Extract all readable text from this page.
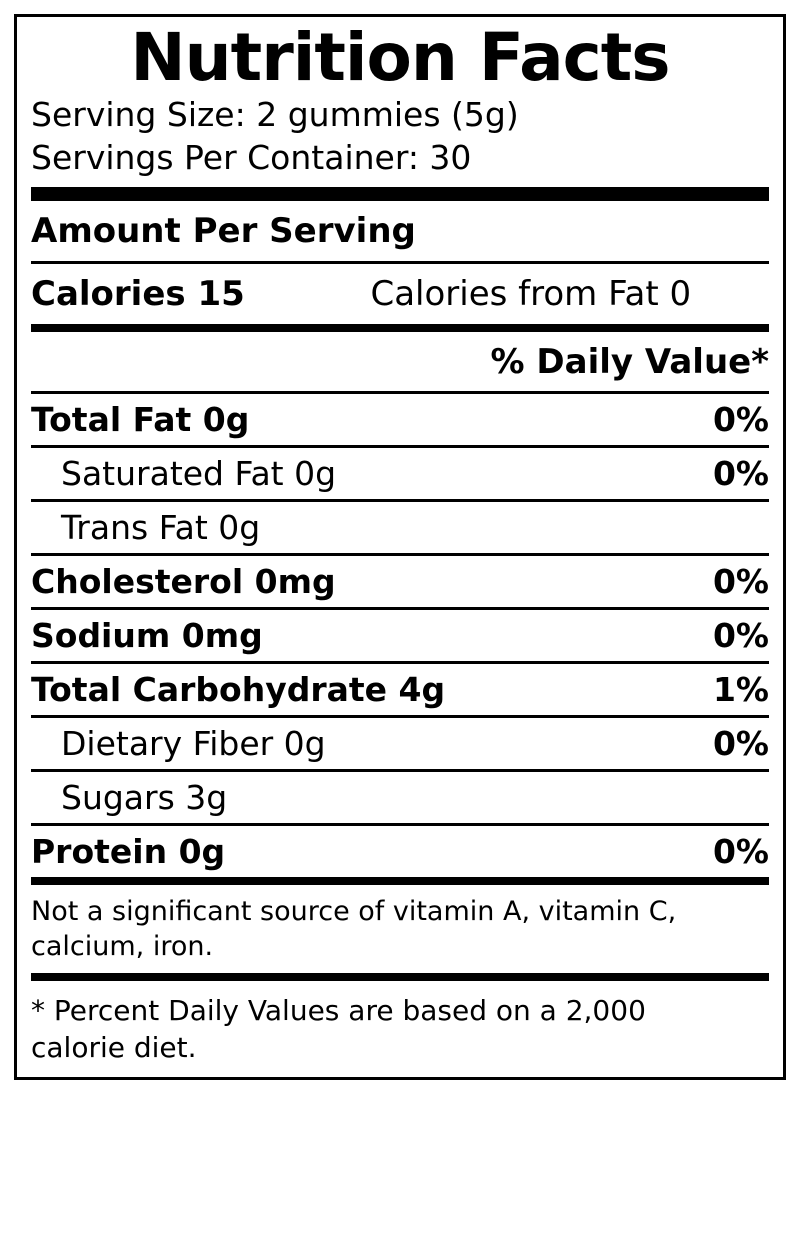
Nutrition Facts
Serving Size: 2 gummies (5g)
Servings Per Container: 30
Amount Per Serving
Calories 15	Calories from Fat 0
% Daily Value*
Total Fat 0g	0%
Saturated Fat 0g	0%
Trans Fat 0g
Cholesterol 0mg	0%
Sodium 0mg	0%
Total Carbohydrate 4g	1%
Dietary Fiber 0g	0%
Sugars 3g
Protein 0g	0%
Not a significant source of vitamin A, vitamin C,
calcium, iron.
* Percent Daily Values are based on a 2,000
calorie diet.
